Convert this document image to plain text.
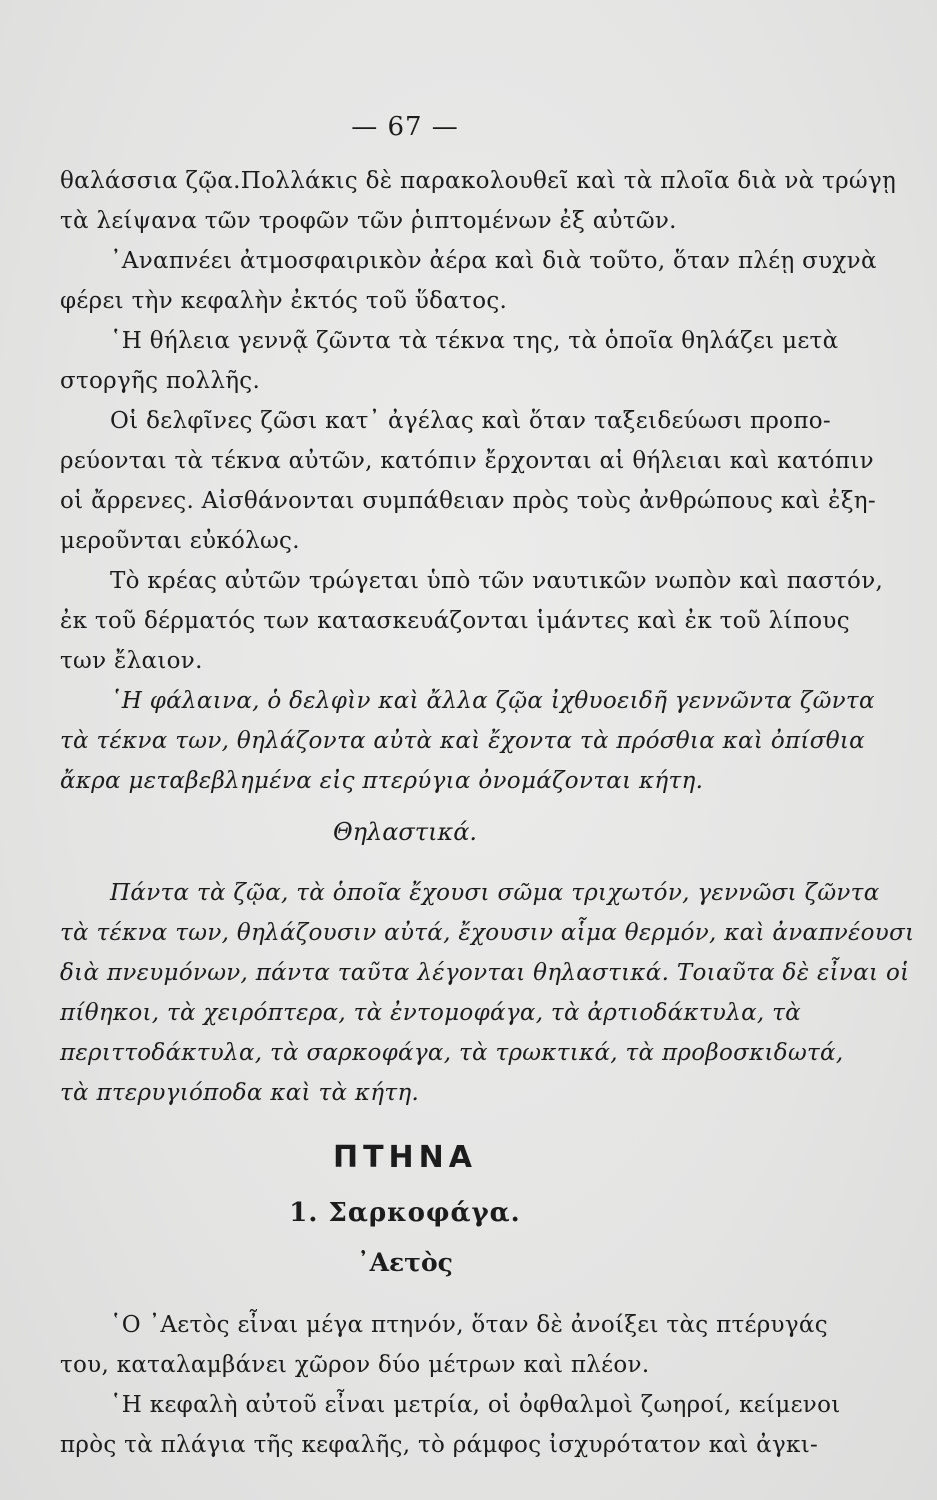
— 67 —
θαλάσσια ζῷα.Πολλάκις δὲ παρακολουθεῖ καὶ τὰ πλοῖα διὰ νὰ τρώγῃ
τὰ λείψανα τῶν τροφῶν τῶν ῥιπτομένων ἐξ αὐτῶν.
᾿Αναπνέει ἀτμοσφαιρικὸν ἀέρα καὶ διὰ τοῦτο, ὅταν πλέῃ συχνὰ
φέρει τὴν κεφαλὴν ἐκτός τοῦ ὕδατος.
῾Η θήλεια γεννᾷ ζῶντα τὰ τέκνα της, τὰ ὁποῖα θηλάζει μετὰ
στοργῆς πολλῆς.
Οἱ δελφῖνες ζῶσι κατ᾿ ἀγέλας καὶ ὅταν ταξειδεύωσι προπο-
ρεύονται τὰ τέκνα αὐτῶν, κατόπιν ἔρχονται αἱ θήλειαι καὶ κατόπιν
οἱ ἄρρενες. Αἰσθάνονται συμπάθειαν πρὸς τοὺς ἀνθρώπους καὶ ἐξη-
μεροῦνται εὐκόλως.
Τὸ κρέας αὐτῶν τρώγεται ὑπὸ τῶν ναυτικῶν νωπὸν καὶ παστόν,
ἐκ τοῦ δέρματός των κατασκευάζονται ἱμάντες καὶ ἐκ τοῦ λίπους
των ἔλαιον.
῾Η φάλαινα, ὁ δελφὶν καὶ ἄλλα ζῷα ἰχθυοειδῆ γεννῶντα ζῶντα
τὰ τέκνα των, θηλάζοντα αὐτὰ καὶ ἔχοντα τὰ πρόσθια καὶ ὀπίσθια
ἄκρα μεταβεβλημένα εἰς πτερύγια ὀνομάζονται κήτη.
Θηλαστικά.
Πάντα τὰ ζῷα, τὰ ὁποῖα ἔχουσι σῶμα τριχωτόν, γεννῶσι ζῶντα
τὰ τέκνα των, θηλάζουσιν αὐτά, ἔχουσιν αἷμα θερμόν, καὶ ἀναπνέουσι
διὰ πνευμόνων, πάντα ταῦτα λέγονται θηλαστικά. Τοιαῦτα δὲ εἶναι οἱ
πίθηκοι, τὰ χειρόπτερα, τὰ ἐντομοφάγα, τὰ ἀρτιοδάκτυλα, τὰ
περιττοδάκτυλα, τὰ σαρκοφάγα, τὰ τρωκτικά, τὰ προβοσκιδωτά,
τὰ πτερυγιόποδα καὶ τὰ κήτη.
ΠΤΗΝΑ
1. Σαρκοφάγα.
᾿Αετὸς
῾Ο ᾿Αετὸς εἶναι μέγα πτηνόν, ὅταν δὲ ἀνοίξει τὰς πτέρυγάς
του, καταλαμβάνει χῶρον δύο μέτρων καὶ πλέον.
῾Η κεφαλὴ αὐτοῦ εἶναι μετρία, οἱ ὀφθαλμοὶ ζωηροί, κείμενοι
πρὸς τὰ πλάγια τῆς κεφαλῆς, τὸ ράμφος ἰσχυρότατον καὶ ἀγκι-
